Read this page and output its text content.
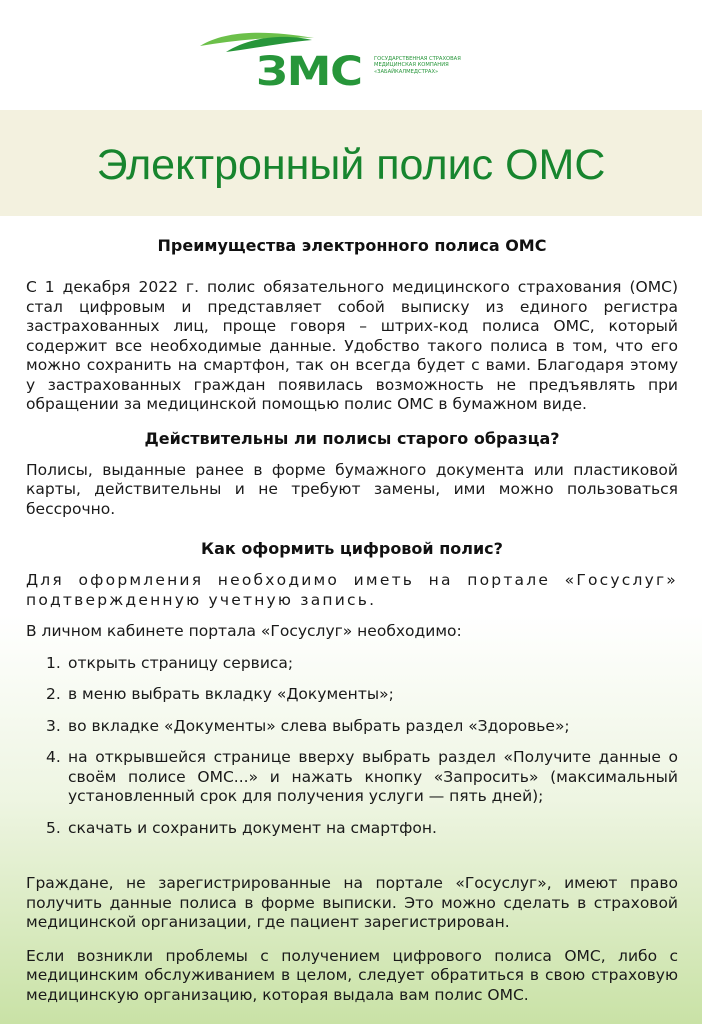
ЗМС ГОСУДАРСТВЕННАЯ СТРАХОВАЯ МЕДИЦИНСКАЯ КОМПАНИЯ «ЗАБАЙКАЛМЕДСТРАХ»
Электронный полис ОМС
Преимущества электронного полиса ОМС

С 1 декабря 2022 г. полис обязательного медицинского страхования (ОМС) стал цифровым и представляет собой выписку из единого регистра застрахованных лиц, проще говоря – штрих-код полиса ОМС, который содержит все необходимые данные. Удобство такого полиса в том, что его можно сохранить на смартфон, так он всегда будет с вами. Благодаря этому у застрахованных граждан появилась возможность не предъявлять при обращении за медицинской помощью полис ОМС в бумажном виде.

Действительны ли полисы старого образца?

Полисы, выданные ранее в форме бумажного документа или пластиковой карты, действительны и не требуют замены, ими можно пользоваться бессрочно.

Как оформить цифровой полис?

Для оформления необходимо иметь на портале «Госуслуг» подтвержденную учетную запись.

В личном кабинете портала «Госуслуг» необходимо:

1. открыть страницу сервиса;
2. в меню выбрать вкладку «Документы»;
3. во вкладке «Документы» слева выбрать раздел «Здоровье»;
4. на открывшейся странице вверху выбрать раздел «Получите данные о своём полисе ОМС...» и нажать кнопку «Запросить» (максимальный установленный срок для получения услуги — пять дней);
5. скачать и сохранить документ на смартфон.

Граждане, не зарегистрированные на портале «Госуслуг», имеют право получить данные полиса в форме выписки. Это можно сделать в страховой медицинской организации, где пациент зарегистрирован.

Если возникли проблемы с получением цифрового полиса ОМС, либо с медицинским обслуживанием в целом, следует обратиться в свою страховую медицинскую организацию, которая выдала вам полис ОМС.
